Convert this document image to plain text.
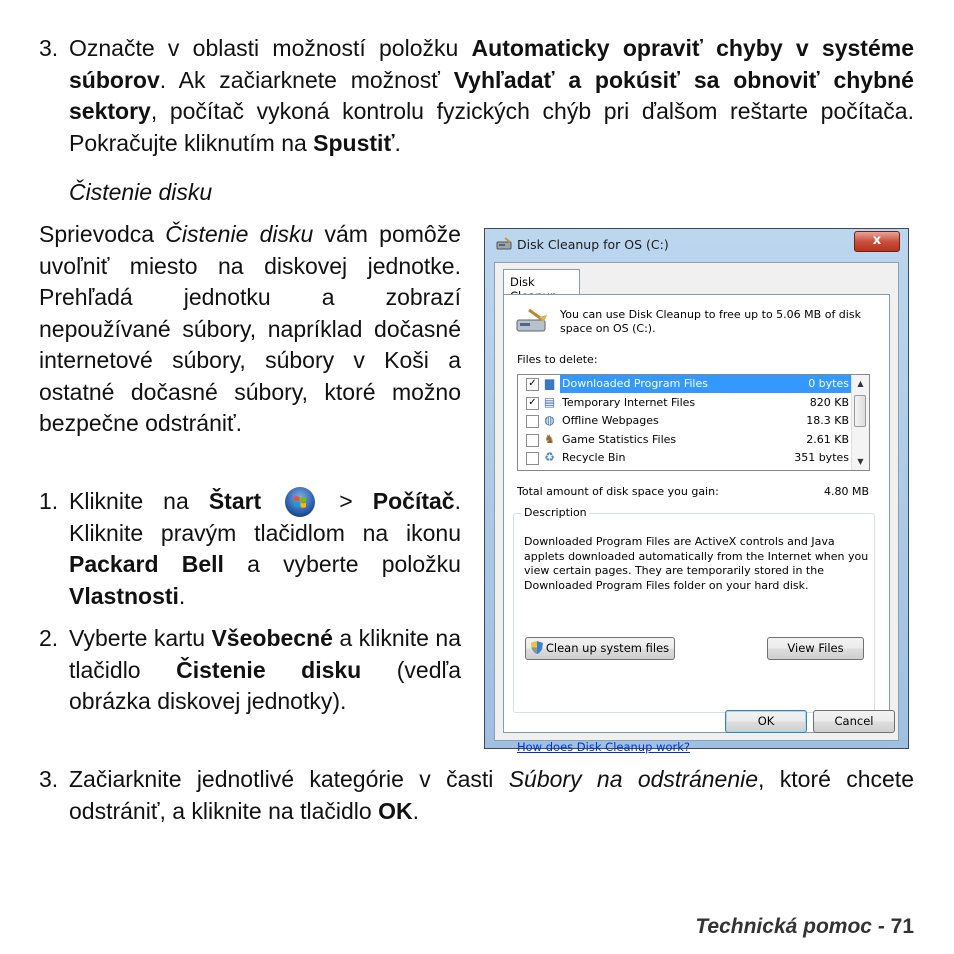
3. Označte v oblasti možností položku Automaticky opraviť chyby v systéme súborov. Ak začiarknete možnosť Vyhľadať a pokúsiť sa obnoviť chybné sektory, počítač vykoná kontrolu fyzických chýb pri ďalšom reštarte počítača. Pokračujte kliknutím na Spustiť.
Čistenie disku
Sprievodca Čistenie disku vám pomôže uvoľniť miesto na diskovej jednotke. Prehľadá jednotku a zobrazí nepoužívané súbory, napríklad dočasné internetové súbory, súbory v Koši a ostatné dočasné súbory, ktoré možno bezpečne odstrániť.
1. Kliknite na Štart	> Počítač. Kliknite pravým tlačidlom na ikonu Packard Bell a vyberte položku Vlastnosti.
2. Vyberte kartu Všeobecné a kliknite na tlačidlo Čistenie disku (vedľa obrázka diskovej jednotky).
3. Začiarknite jednotlivé kategórie v časti Súbory na odstránenie, ktoré chcete odstrániť, a kliknite na tlačidlo OK.
Disk Cleanup for OS (C:)	x
Disk
You can use Disk Cleanup to free up to 5.06 MB of disk space on OS (C:).
Files to delete:
✓ ▆ Downloaded Program Files	0 bytes
✓ ▤ Temporary Internet Files	820 KB
◍ Offline Webpages	18.3 KB
♞ Game Statistics Files	2.61 KB
♻ Recycle Bin	351 bytes
▲
▼
Total amount of disk space you gain:	4.80 MB
Description
Downloaded Program Files are ActiveX controls and Java applets downloaded automatically from the Internet when you view certain pages. They are temporarily stored in the Downloaded Program Files folder on your hard disk.
Clean up system files	View Files
How does Disk Cleanup work?
OK	Cancel
Technická pomoc - 71
